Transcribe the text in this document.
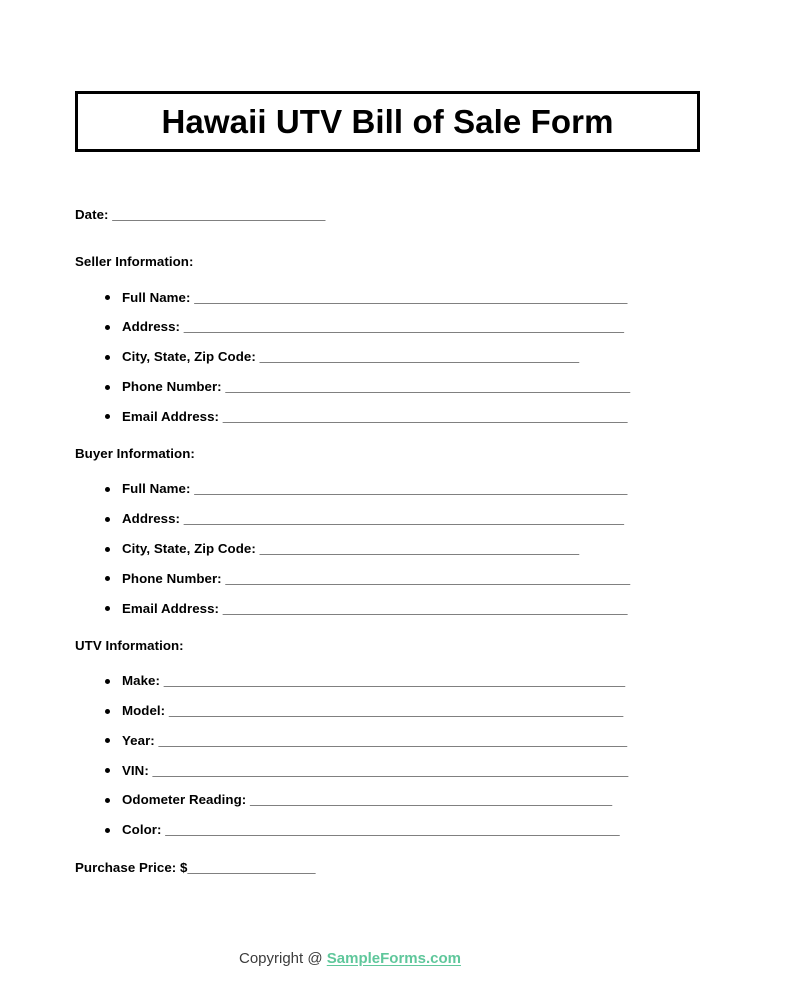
Hawaii UTV Bill of Sale Form
Date: ______________________________
Seller Information:
Full Name: _____________________________________________________________
Address: ______________________________________________________________
City, State, Zip Code: _____________________________________________
Phone Number: _________________________________________________________
Email Address: _________________________________________________________
Buyer Information:
Full Name: _____________________________________________________________
Address: ______________________________________________________________
City, State, Zip Code: _____________________________________________
Phone Number: _________________________________________________________
Email Address: _________________________________________________________
UTV Information:
Make: _________________________________________________________________
Model: ________________________________________________________________
Year: __________________________________________________________________
VIN: ___________________________________________________________________
Odometer Reading: ___________________________________________________
Color: ________________________________________________________________
Purchase Price: $__________________
Copyright @ SampleForms.com
